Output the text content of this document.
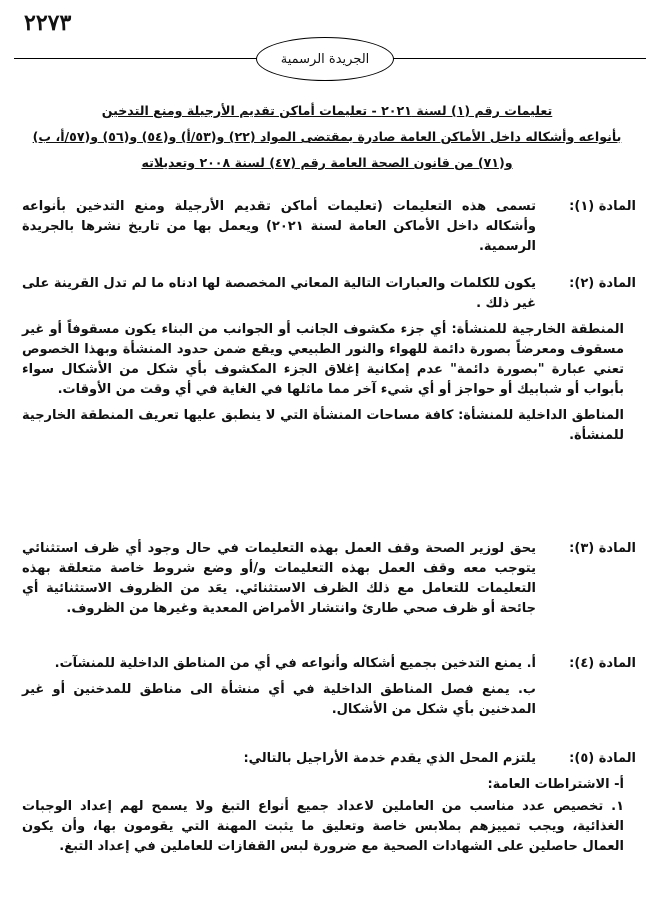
٢٢٧٣
الجريدة الرسمية
تعليمات رقم (١) لسنة ٢٠٢١ - تعليمات أماكن تقديم الأرجيلة ومنع التدخين
بأنواعه وأشكاله داخل الأماكن العامة صادرة بمقتضى المواد (٢٢) و(٥٣/أ) و(٥٤) و(٥٦) و(٥٧/أ، ب)
و(٧١) من قانون الصحة العامة رقم (٤٧) لسنة ٢٠٠٨ وتعديلاته
المادة (١):
تسمى هذه التعليمات (تعليمات أماكن تقديم الأرجيلة ومنع التدخين بأنواعه وأشكاله داخل الأماكن العامة لسنة ٢٠٢١) ويعمل بها من تاريخ نشرها بالجريدة الرسمية.
المادة (٢):
يكون للكلمات والعبارات التالية المعاني المخصصة لها ادناه ما لم تدل القرينة على غير ذلك .
المنطقة الخارجية للمنشأة: أي جزء مكشوف الجانب أو الجوانب من البناء يكون مسقوفاً أو غير مسقوف ومعرضاً بصورة دائمة للهواء والنور الطبيعي ويقع ضمن حدود المنشأة وبهذا الخصوص تعني عبارة "بصورة دائمة" عدم إمكانية إغلاق الجزء المكشوف بأي شكل من الأشكال سواء بأبواب أو شبابيك أو حواجز أو أي شيء آخر مما ماثلها في الغاية في أي وقت من الأوقات.
المناطق الداخلية للمنشأة: كافة مساحات المنشأة التي لا ينطبق عليها تعريف المنطقة الخارجية للمنشأة.
المادة (٣):
يحق لوزير الصحة وقف العمل بهذه التعليمات في حال وجود أي ظرف استثنائي يتوجب معه وقف العمل بهذه التعليمات و/أو وضع شروط خاصة متعلقة بهذه التعليمات للتعامل مع ذلك الظرف الاستثنائي. يعَد من الظروف الاستثنائية أي جائحة أو ظرف صحي طارئ وانتشار الأمراض المعدية وغيرها من الظروف.
المادة (٤):
أ. يمنع التدخين بجميع أشكاله وأنواعه في أي من المناطق الداخلية للمنشآت.
ب. يمنع فصل المناطق الداخلية في أي منشأة الى مناطق للمدخنين أو غير المدخنين بأي شكل من الأشكال.
المادة (٥):
يلتزم المحل الذي يقدم خدمة الأراجيل بالتالي:
أ- الاشتراطات العامة:
١. تخصيص عدد مناسب من العاملين لاعداد جميع أنواع التبغ ولا يسمح لهم إعداد الوجبات الغذائية، ويجب تمييزهم بملابس خاصة وتعليق ما يثبت المهنة التي يقومون بها، وأن يكون العمال حاصلين على الشهادات الصحية مع ضرورة لبس القفازات للعاملين في إعداد التبغ.
